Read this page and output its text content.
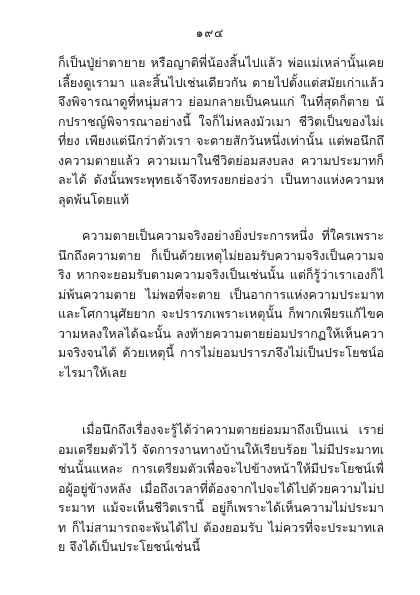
๑๙๔

ก็เป็นปู่ย่าตายาย หรือญาติพี่น้องสิ้นไปแล้ว พ่อแม่เหล่านั้นเคยเลี้ยงดูเรามา และสิ้นไปเช่นเดียวกัน ตายไปตั้งแต่สมัยเก่าแล้ว จึงพิจารณาดูที่หนุ่มสาว ย่อมกลายเป็นคนแก่ ในที่สุดก็ตาย นักปราชญ์พิจารณาอย่างนี้ ใจก็ไม่หลงมัวเมา ชีวิตเป็นของไม่เที่ยง เพียงแต่นึกว่าตัวเรา จะตายสักวันหนึ่งเท่านั้น แต่พอนึกถึงความตายแล้ว ความเมาในชีวิตย่อมสงบลง ความประมาทก็ละได้ ดังนั้นพระพุทธเจ้าจึงทรงยกย่องว่า เป็นทางแห่งความหลุดพ้นโดยแท้

ความตายเป็นความจริงอย่างยิ่งประการหนึ่ง ที่ใครเพราะนึกถึงความตาย ก็เป็นด้วยเหตุไม่ยอมรับความจริงเป็นความจริง หากจะยอมรับตามความจริงเป็นเช่นนั้น แต่ก็รู้ว่าเราเองก็ไม่พ้นความตาย ไม่พอที่จะตาย เป็นอาการแห่งความประมาท และโศกานุศัยยาก จะปรารภเพราะเหตุนั้น ก็พากเพียรแก้ไขความหลงใหลได้ฉะนั้น ลงท้ายความตายย่อมปรากฏให้เห็นความจริงจนได้ ด้วยเหตุนี้ การไม่ยอมปรารภจึงไม่เป็นประโยชน์อะไรมาให้เลย

เมื่อนึกถึงเรื่องจะรู้ได้ว่าความตายย่อมมาถึงเป็นแน่ เราย่อมเตรียมตัวไว้ จัดการงานทางบ้านให้เรียบร้อย ไม่มีประมาทเช่นนั้นแหละ การเตรียมตัวเพื่อจะไปข้างหน้าให้มีประโยชน์เพื่อผู้อยู่ข้างหลัง เมื่อถึงเวลาที่ต้องจากไปจะได้ไปด้วยความไม่ประมาท แม้จะเห็นชีวิตเรานี้ อยู่ก็เพราะได้เห็นความไม่ประมาท ก็ไม่สามารถจะพ้นได้ไป ต้องยอมรับ ไม่ควรที่จะประมาทเลย จึงได้เป็นประโยชน์เช่นนี้
